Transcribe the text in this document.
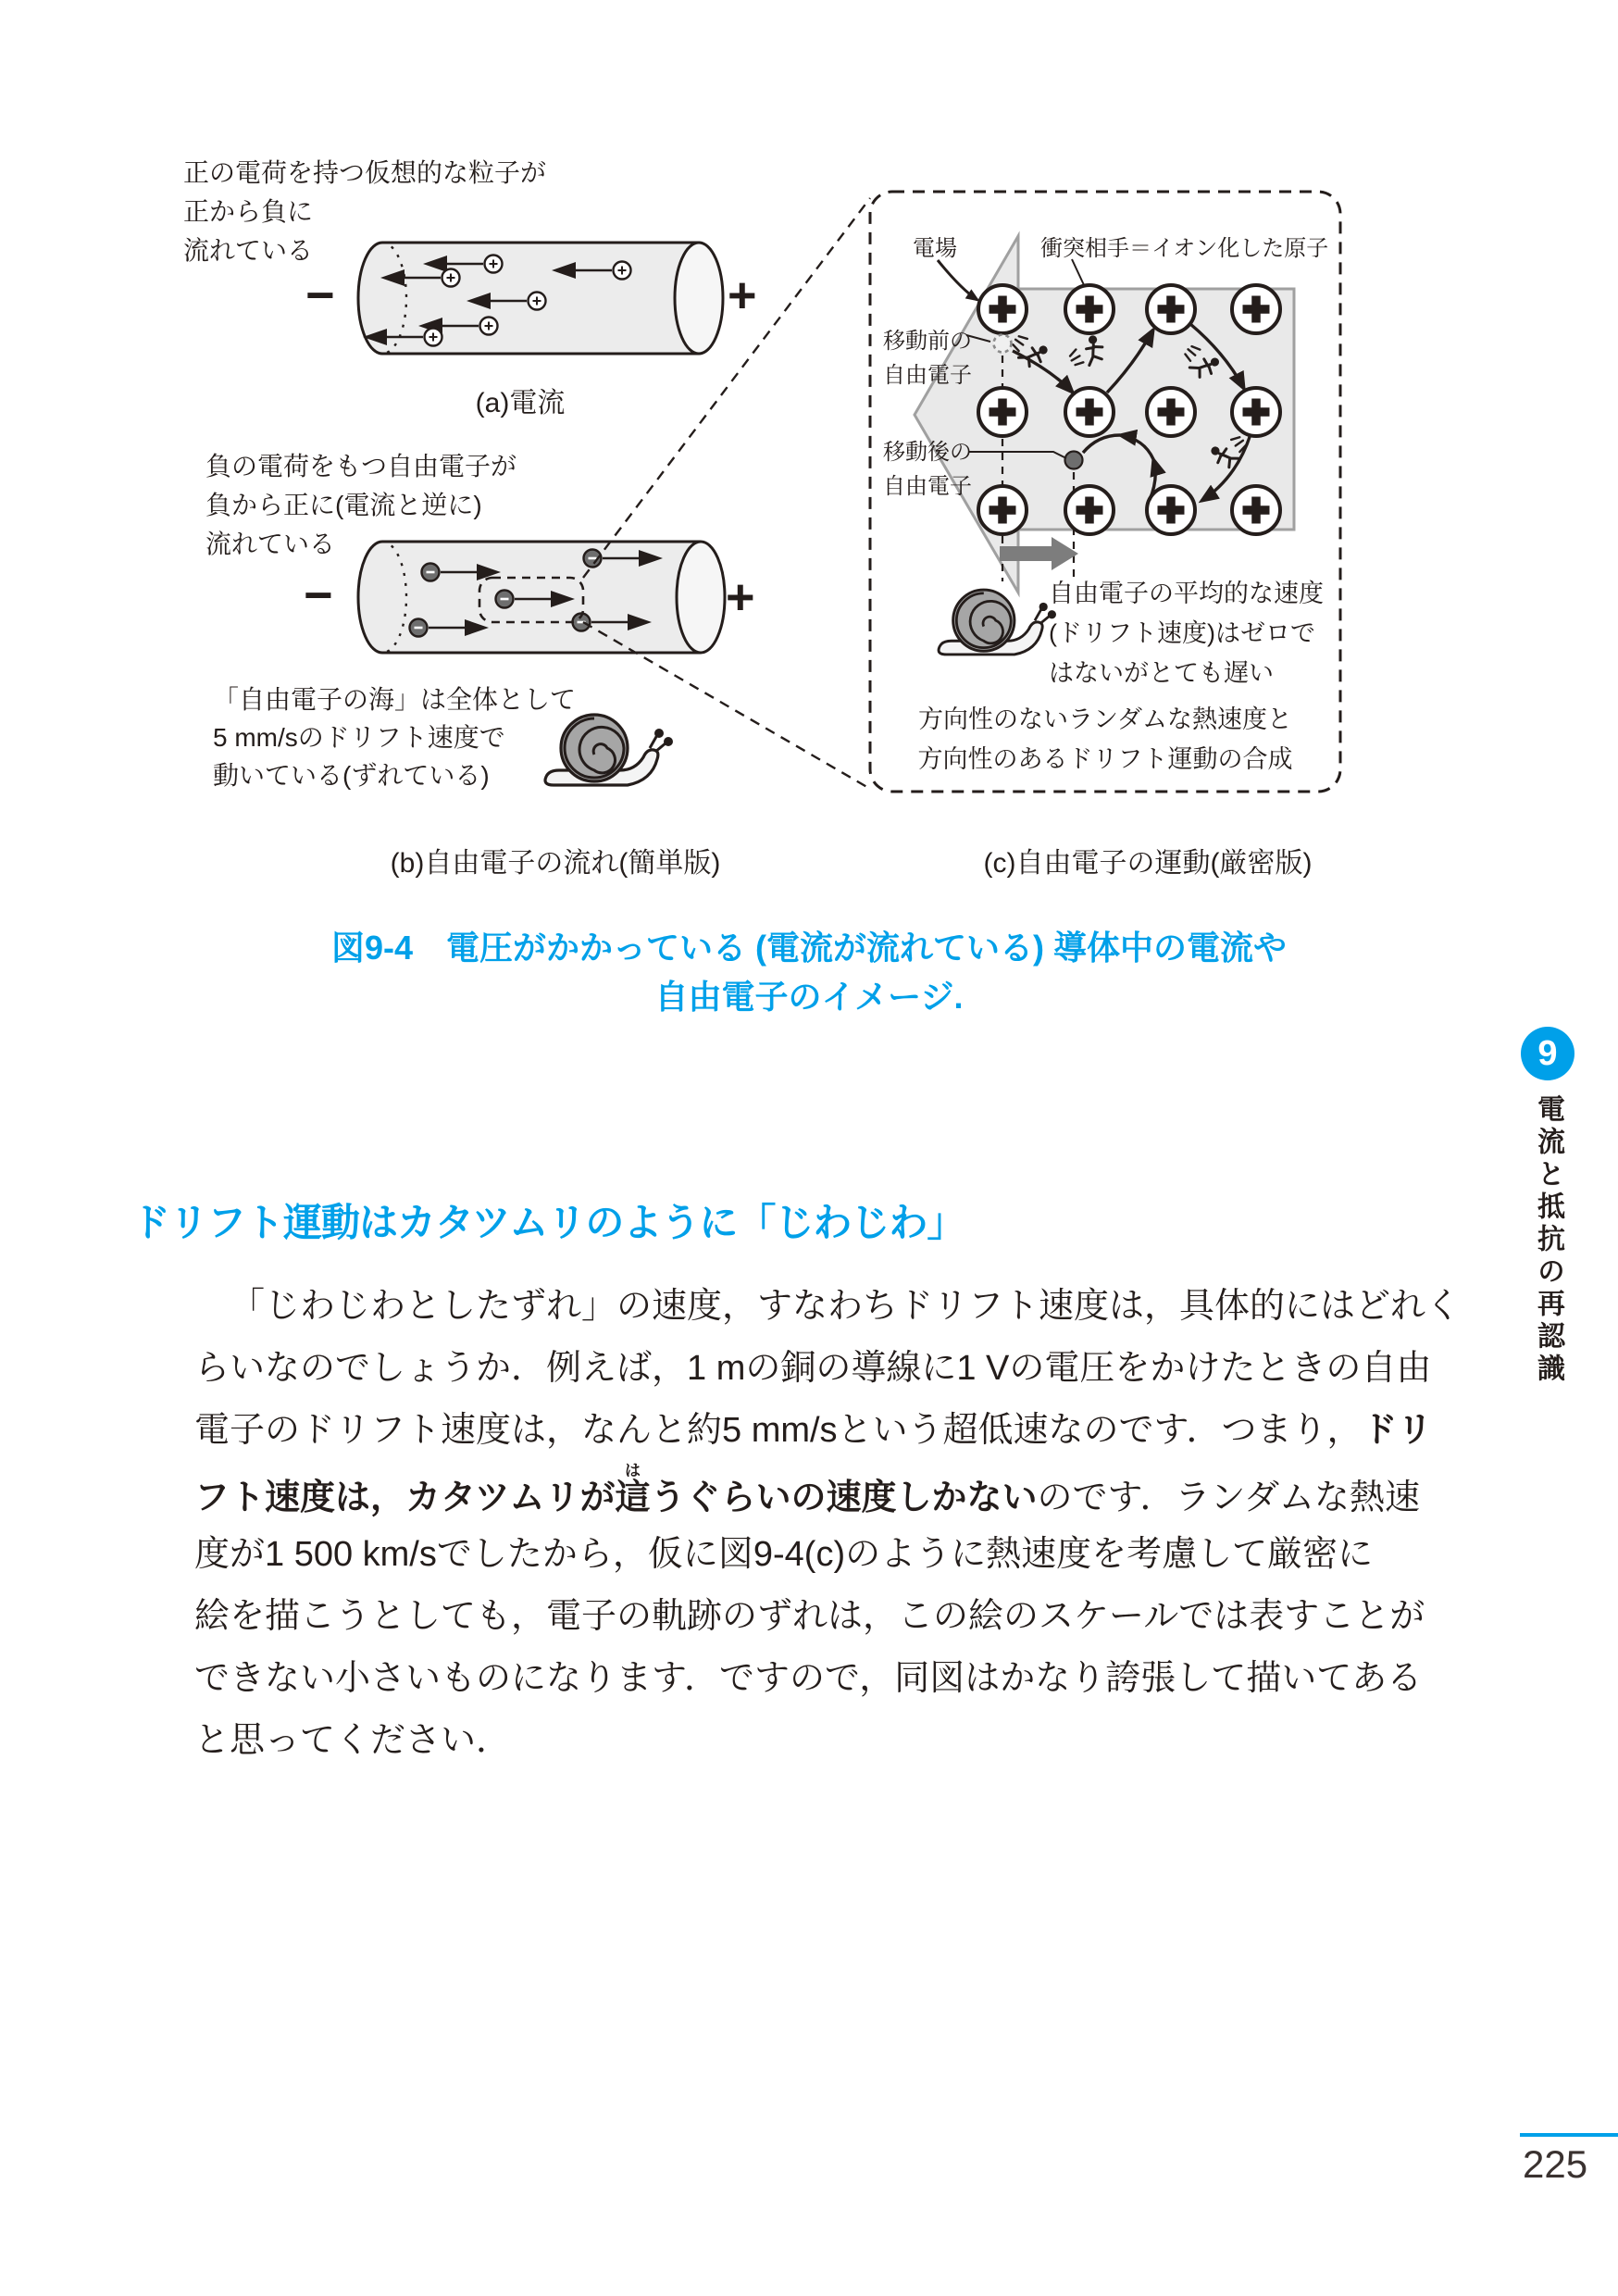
正の電荷を持つ仮想的な粒子が
正から負に
流れている
−	+
(a)電流
負の電荷をもつ自由電子が
負から正に(電流と逆に)
流れている
−	+
「自由電子の海」は全体として
5 mm/sのドリフト速度で
動いている(ずれている)
(b)自由電子の流れ(簡単版)	(c)自由電子の運動(厳密版)
電場	衝突相手＝イオン化した原子
移動前の
自由電子
移動後の
自由電子
自由電子の平均的な速度
(ドリフト速度)はゼロで
はないがとても遅い
方向性のないランダムな熱速度と
方向性のあるドリフト運動の合成
図9-4　電圧がかかっている (電流が流れている) 導体中の電流や
自由電子のイメージ.
9
電流と抵抗の再認識
ドリフト運動はカタツムリのように「じわじわ」
「じわじわとしたずれ」の速度，すなわちドリフト速度は，具体的にはどれく
らいなのでしょうか．例えば，1 mの銅の導線に1 Vの電圧をかけたときの自由
電子のドリフト速度は，なんと約5 mm/sという超低速なのです．つまり，ドリ
フト速度は，カタツムリが這はうぐらいの速度しかないのです．ランダムな熱速
度が1 500 km/sでしたから，仮に図9-4(c)のように熱速度を考慮して厳密に
絵を描こうとしても，電子の軌跡のずれは，この絵のスケールでは表すことが
できない小さいものになります．ですので，同図はかなり誇張して描いてある
と思ってください．
225
